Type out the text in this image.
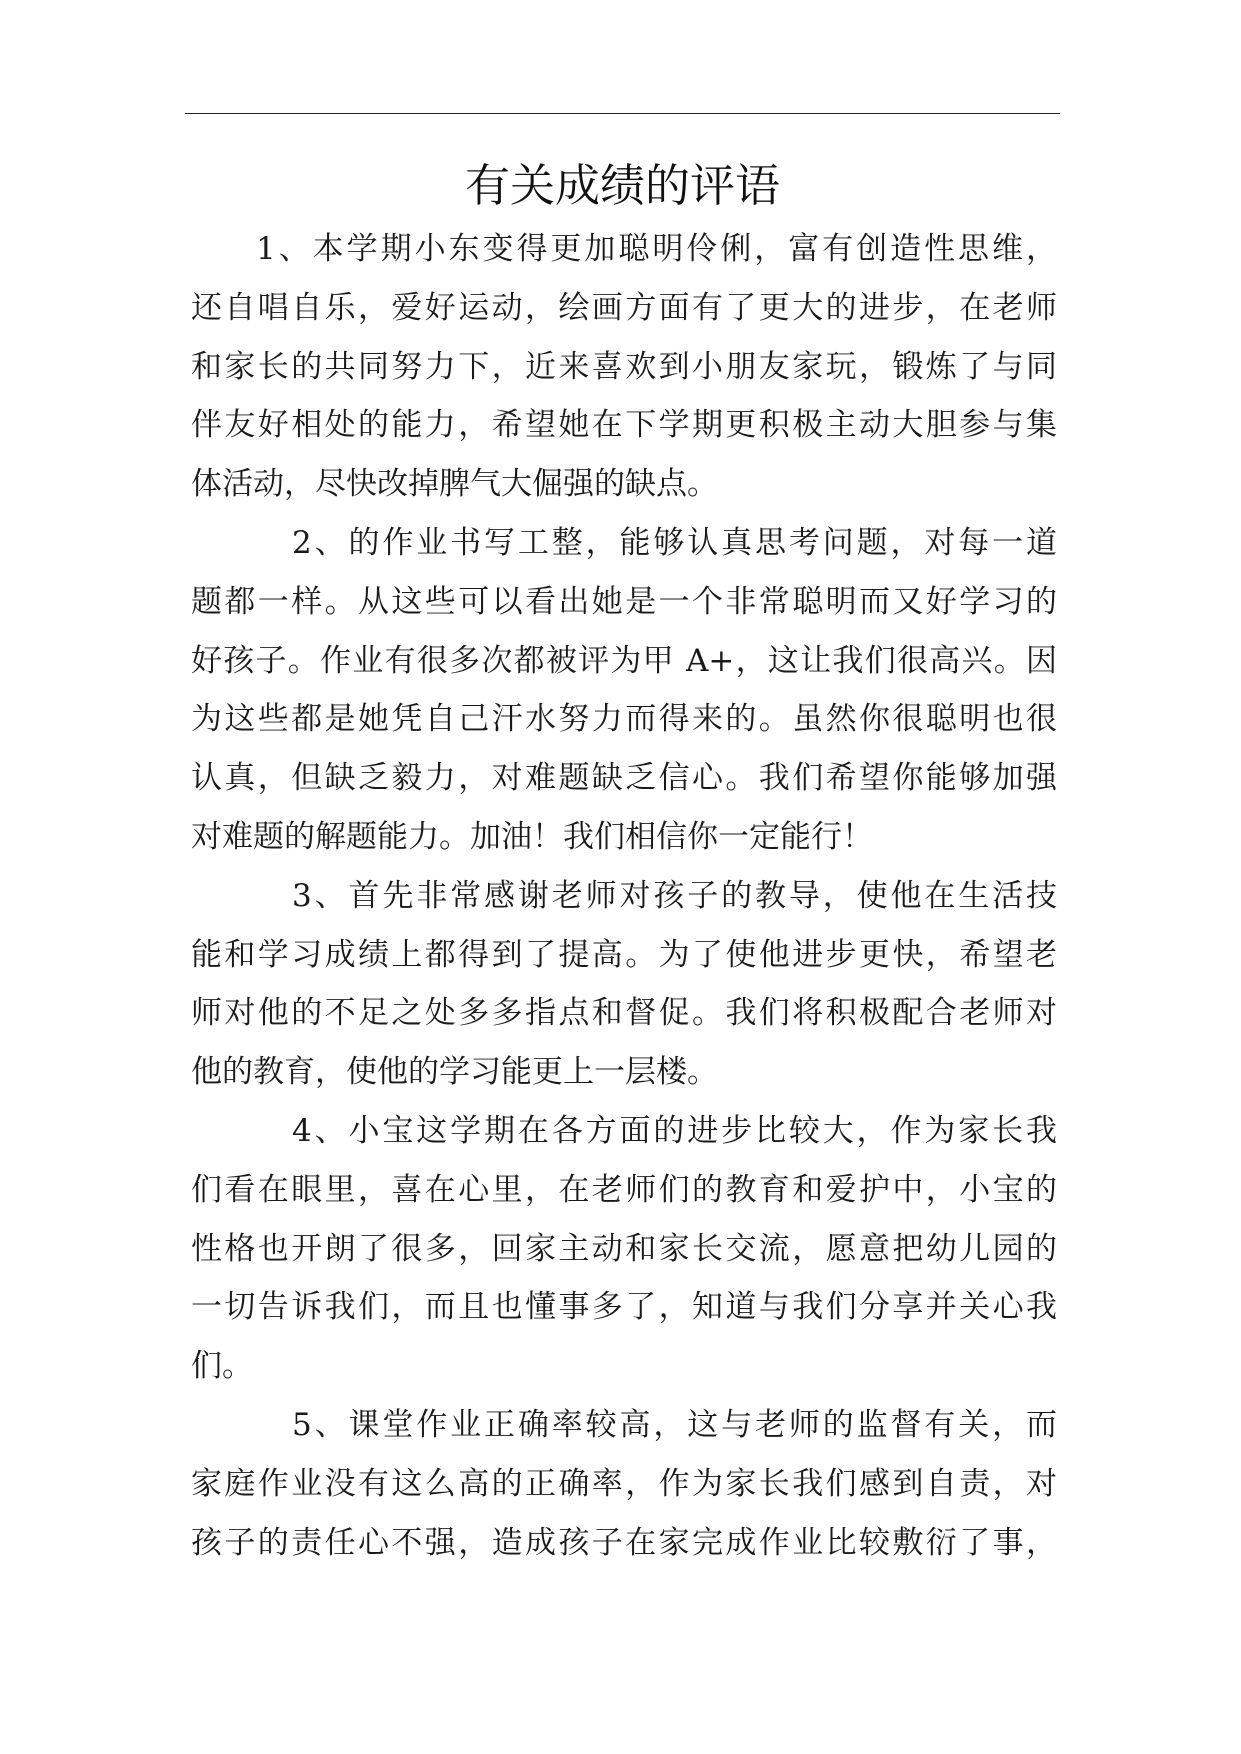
有关成绩的评语
1、本学期小东变得更加聪明伶俐，富有创造性思维，
还自唱自乐，爱好运动，绘画方面有了更大的进步，在老师
和家长的共同努力下，近来喜欢到小朋友家玩，锻炼了与同
伴友好相处的能力，希望她在下学期更积极主动大胆参与集
体活动，尽快改掉脾气大倔强的缺点。
2、的作业书写工整，能够认真思考问题，对每一道
题都一样。从这些可以看出她是一个非常聪明而又好学习的
好孩子。作业有很多次都被评为甲 A+，这让我们很高兴。因
为这些都是她凭自己汗水努力而得来的。虽然你很聪明也很
认真，但缺乏毅力，对难题缺乏信心。我们希望你能够加强
对难题的解题能力。加油！我们相信你一定能行！
3、首先非常感谢老师对孩子的教导，使他在生活技
能和学习成绩上都得到了提高。为了使他进步更快，希望老
师对他的不足之处多多指点和督促。我们将积极配合老师对
他的教育，使他的学习能更上一层楼。
4、小宝这学期在各方面的进步比较大，作为家长我
们看在眼里，喜在心里，在老师们的教育和爱护中，小宝的
性格也开朗了很多，回家主动和家长交流，愿意把幼儿园的
一切告诉我们，而且也懂事多了，知道与我们分享并关心我
们。
5、课堂作业正确率较高，这与老师的监督有关，而
家庭作业没有这么高的正确率，作为家长我们感到自责，对
孩子的责任心不强，造成孩子在家完成作业比较敷衍了事，
